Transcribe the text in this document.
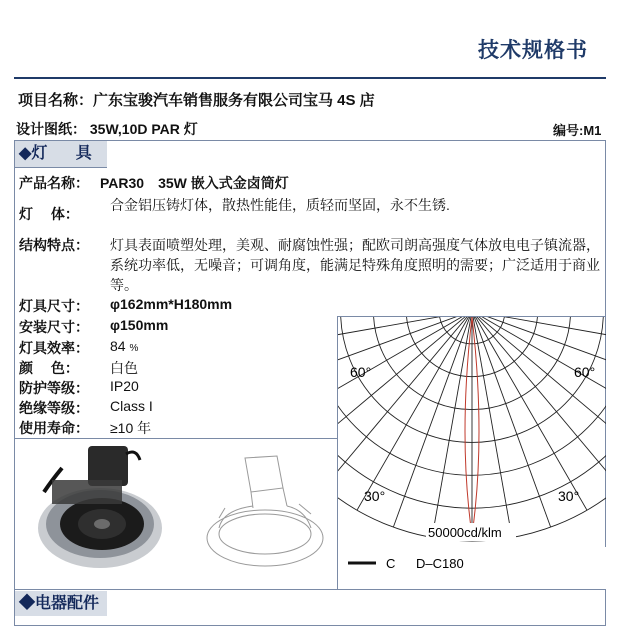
技术规格书
项目名称：广东宝骏汽车销售服务有限公司宝马 4S 店
设计图纸： 35W,10D PAR 灯	编号:M1
◆灯 具
产品名称： PAR30　35W 嵌入式金卤筒灯
灯　 体：
合金铝压铸灯体，散热性能佳，质轻而坚固，永不生锈.
结构特点： 灯具表面喷塑处理，美观、耐腐蚀性强；配欧司朗高强度气体放电电子镇流器，系统功率低，无噪音；可调角度，能满足特殊角度照明的需要；广泛适用于商业等。
灯具尺寸： φ162mm*H180mm
安装尺寸： φ150mm
灯具效率： 84 %
颜　 色： 白色
防护等级： IP20
绝缘等级： Class I
使用寿命： ≥10 年
60°	60°
30°	30°
50000cd/klm
C D–C180
◆电器配件
